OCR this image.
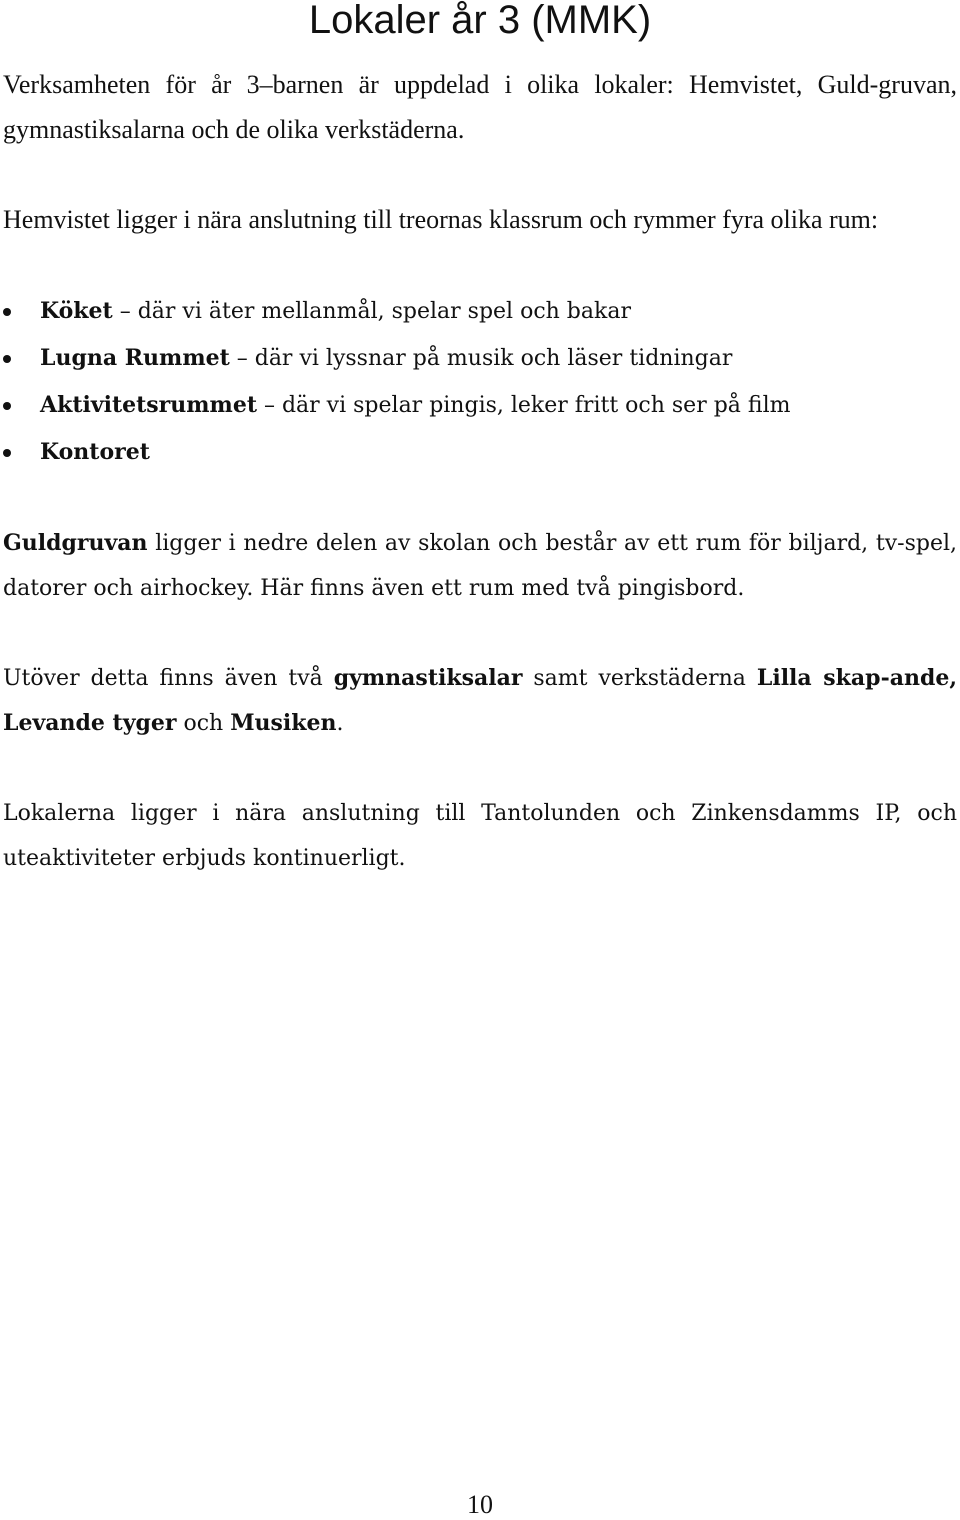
Lokaler år 3 (MMK)

Verksamheten för år 3–barnen är uppdelad i olika lokaler: Hemvistet, Guld-gruvan, gymnastiksalarna och de olika verkstäderna.

Hemvistet ligger i nära anslutning till treornas klassrum och rymmer fyra olika rum:

Köket – där vi äter mellanmål, spelar spel och bakar
Lugna Rummet – där vi lyssnar på musik och läser tidningar
Aktivitetsrummet – där vi spelar pingis, leker fritt och ser på film
Kontoret

Guldgruvan ligger i nedre delen av skolan och består av ett rum för biljard, tv-spel, datorer och airhockey. Här finns även ett rum med två pingisbord.

Utöver detta finns även två gymnastiksalar samt verkstäderna Lilla skap-ande, Levande tyger och Musiken.

Lokalerna ligger i nära anslutning till Tantolunden och Zinkensdamms IP, och uteaktiviteter erbjuds kontinuerligt.

10
